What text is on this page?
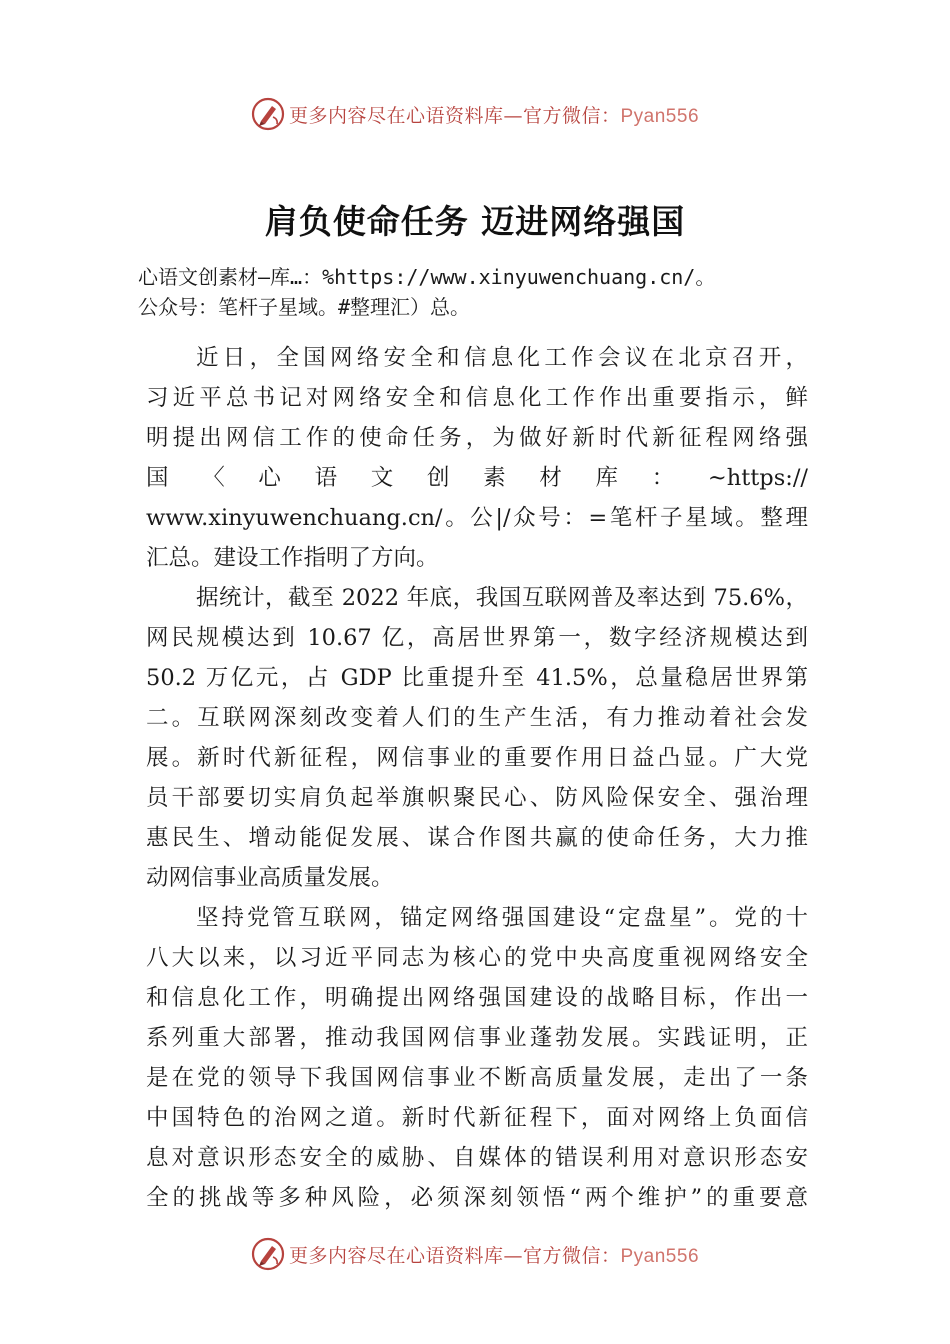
更多内容尽在心语资料库—官方微信：Pyan556
肩负使命任务 迈进网络强国
心语文创素材—库…：%https://www.xinyuwenchuang.cn/。
公众号：笔杆子星域。#整理汇）总。
近日，全国网络安全和信息化工作会议在北京召开，
习近平总书记对网络安全和信息化工作作出重要指示，鲜
明提出网信工作的使命任务，为做好新时代新征程网络强
国〈心语文创素材库：~https://
www.xinyuwenchuang.cn/。公|/众号：=笔杆子星域。整理
汇总。建设工作指明了方向。
据统计，截至 2022 年底，我国互联网普及率达到 75.6%，
网民规模达到 10.67 亿，高居世界第一，数字经济规模达到
50.2 万亿元，占 GDP 比重提升至 41.5%，总量稳居世界第
二。互联网深刻改变着人们的生产生活，有力推动着社会发
展。新时代新征程，网信事业的重要作用日益凸显。广大党
员干部要切实肩负起举旗帜聚民心、防风险保安全、强治理
惠民生、增动能促发展、谋合作图共赢的使命任务，大力推
动网信事业高质量发展。
坚持党管互联网，锚定网络强国建设“定盘星”。党的十
八大以来，以习近平同志为核心的党中央高度重视网络安全
和信息化工作，明确提出网络强国建设的战略目标，作出一
系列重大部署，推动我国网信事业蓬勃发展。实践证明，正
是在党的领导下我国网信事业不断高质量发展，走出了一条
中国特色的治网之道。新时代新征程下，面对网络上负面信
息对意识形态安全的威胁、自媒体的错误利用对意识形态安
全的挑战等多种风险，必须深刻领悟“两个维护”的重要意
更多内容尽在心语资料库—官方微信：Pyan556
